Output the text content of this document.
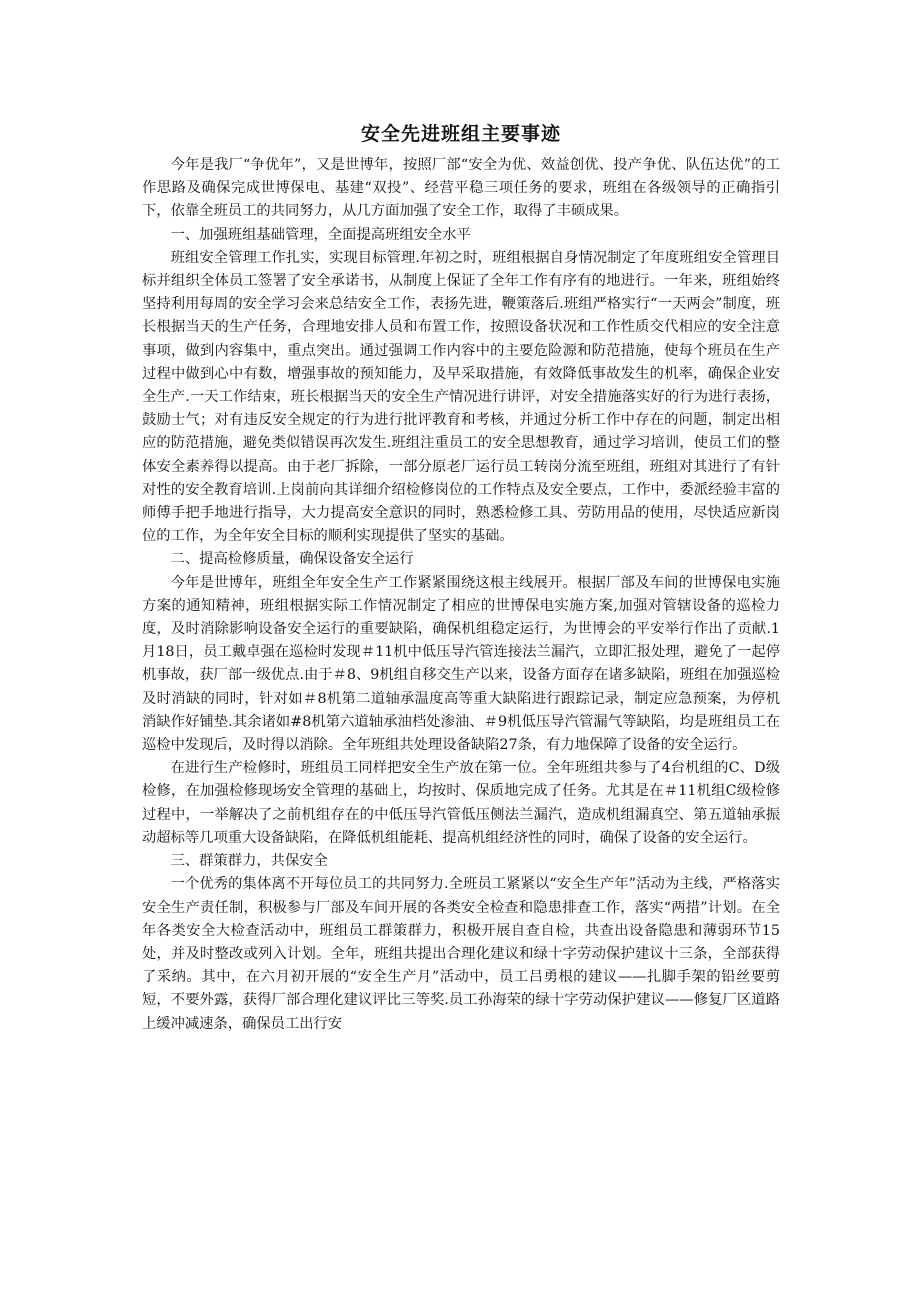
安全先进班组主要事迹

今年是我厂“争优年”，又是世博年，按照厂部“安全为优、效益创优、投产争优、队伍达优”的工作思路及确保完成世博保电、基建“双投”、经营平稳三项任务的要求，班组在各级领导的正确指引下，依靠全班员工的共同努力，从几方面加强了安全工作，取得了丰硕成果。

一、加强班组基础管理，全面提高班组安全水平

班组安全管理工作扎实，实现目标管理.年初之时，班组根据自身情况制定了年度班组安全管理目标并组织全体员工签署了安全承诺书，从制度上保证了全年工作有序有的地进行。一年来，班组始终坚持利用每周的安全学习会来总结安全工作，表扬先进，鞭策落后.班组严格实行“一天两会”制度，班长根据当天的生产任务，合理地安排人员和布置工作，按照设备状况和工作性质交代相应的安全注意事项，做到内容集中，重点突出。通过强调工作内容中的主要危险源和防范措施，使每个班员在生产过程中做到心中有数，增强事故的预知能力，及早采取措施，有效降低事故发生的机率，确保企业安全生产.一天工作结束，班长根据当天的安全生产情况进行讲评，对安全措施落实好的行为进行表扬，鼓励士气；对有违反安全规定的行为进行批评教育和考核，并通过分析工作中存在的问题，制定出相应的防范措施，避免类似错误再次发生.班组注重员工的安全思想教育，通过学习培训，使员工们的整体安全素养得以提高。由于老厂拆除，一部分原老厂运行员工转岗分流至班组，班组对其进行了有针对性的安全教育培训.上岗前向其详细介绍检修岗位的工作特点及安全要点，工作中，委派经验丰富的师傅手把手地进行指导，大力提高安全意识的同时，熟悉检修工具、劳防用品的使用，尽快适应新岗位的工作，为全年安全目标的顺利实现提供了坚实的基础。

二、提高检修质量，确保设备安全运行

今年是世博年，班组全年安全生产工作紧紧围绕这根主线展开。根据厂部及车间的世博保电实施方案的通知精神，班组根据实际工作情况制定了相应的世博保电实施方案,加强对管辖设备的巡检力度，及时消除影响设备安全运行的重要缺陷，确保机组稳定运行，为世博会的平安举行作出了贡献.1月18日，员工戴卓强在巡检时发现＃11机中低压导汽管连接法兰漏汽，立即汇报处理，避免了一起停机事故，获厂部一级优点.由于＃8、9机组自移交生产以来，设备方面存在诸多缺陷，班组在加强巡检及时消缺的同时，针对如＃8机第二道轴承温度高等重大缺陷进行跟踪记录，制定应急预案，为停机消缺作好铺垫.其余诸如#8机第六道轴承油档处渗油、＃9机低压导汽管漏气等缺陷，均是班组员工在巡检中发现后，及时得以消除。全年班组共处理设备缺陷27条，有力地保障了设备的安全运行。

在进行生产检修时，班组员工同样把安全生产放在第一位。全年班组共参与了4台机组的C、D级检修，在加强检修现场安全管理的基础上，均按时、保质地完成了任务。尤其是在＃11机组C级检修过程中，一举解决了之前机组存在的中低压导汽管低压侧法兰漏汽，造成机组漏真空、第五道轴承振动超标等几项重大设备缺陷，在降低机组能耗、提高机组经济性的同时，确保了设备的安全运行。

三、群策群力，共保安全

一个优秀的集体离不开每位员工的共同努力.全班员工紧紧以“安全生产年”活动为主线，严格落实安全生产责任制，积极参与厂部及车间开展的各类安全检查和隐患排查工作，落实“两措”计划。在全年各类安全大检查活动中，班组员工群策群力，积极开展自查自检，共查出设备隐患和薄弱环节15处，并及时整改或列入计划。全年，班组共提出合理化建议和绿十字劳动保护建议十三条，全部获得了采纳。其中，在六月初开展的“安全生产月”活动中，员工吕勇根的建议——扎脚手架的铅丝要剪短，不要外露，获得厂部合理化建议评比三等奖.员工孙海荣的绿十字劳动保护建议——修复厂区道路上缓冲减速条，确保员工出行安
